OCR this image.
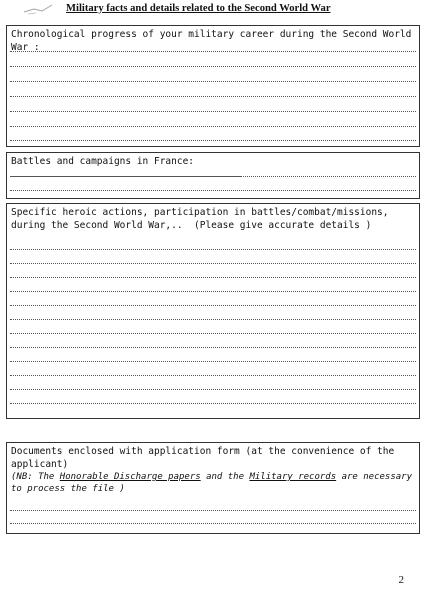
Military facts and details related to the Second World War
Chronological progress of your military career during the Second World War :
Battles and campaigns in France:
Specific heroic actions, participation in battles/combat/missions, during the Second World War,..  (Please give accurate details )
Documents enclosed with application form (at the convenience of the applicant)
(NB: The Honorable Discharge papers and the Military records are necessary to process the file )
2
